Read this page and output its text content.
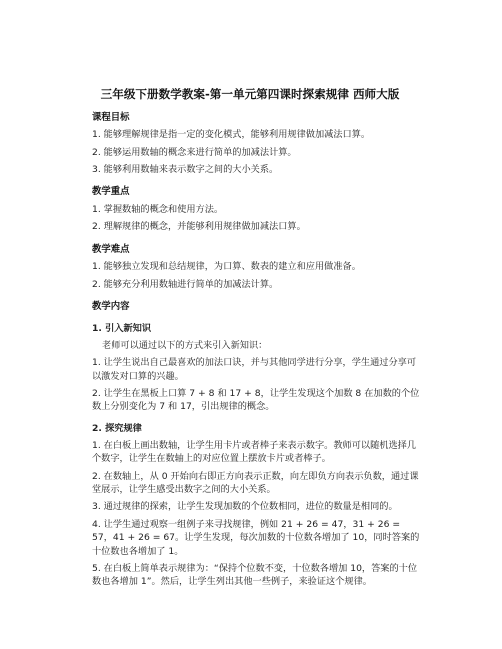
三年级下册数学教案-第一单元第四课时探索规律 西师大版
课程目标
1. 能够理解规律是指一定的变化模式，能够利用规律做加减法口算。
2. 能够运用数轴的概念来进行简单的加减法计算。
3. 能够利用数轴来表示数字之间的大小关系。
教学重点
1. 掌握数轴的概念和使用方法。
2. 理解规律的概念，并能够利用规律做加减法口算。
教学难点
1. 能够独立发现和总结规律，为口算、数表的建立和应用做准备。
2. 能够充分利用数轴进行简单的加减法计算。
教学内容
1. 引入新知识
老师可以通过以下的方式来引入新知识：
1. 让学生说出自己最喜欢的加法口诀，并与其他同学进行分享，学生通过分享可以激发对口算的兴趣。
2. 让学生在黑板上口算 7 + 8 和 17 + 8，让学生发现这个加数 8 在加数的个位数上分别变化为 7 和 17，引出规律的概念。
2. 探究规律
1. 在白板上画出数轴，让学生用卡片或者棒子来表示数字。教师可以随机选择几个数字，让学生在数轴上的对应位置上摆放卡片或者棒子。
2. 在数轴上，从 0 开始向右即正方向表示正数，向左即负方向表示负数，通过课堂展示，让学生感受出数字之间的大小关系。
3. 通过规律的探索，让学生发现加数的个位数相同，进位的数量是相同的。
4. 让学生通过观察一组例子来寻找规律，例如 21 + 26 = 47，31 + 26 = 57，41 + 26 = 67。让学生发现，每次加数的十位数各增加了 10，同时答案的十位数也各增加了 1。
5. 在白板上简单表示规律为：“保持个位数不变，十位数各增加 10，答案的十位数也各增加 1”。然后，让学生列出其他一些例子，来验证这个规律。
